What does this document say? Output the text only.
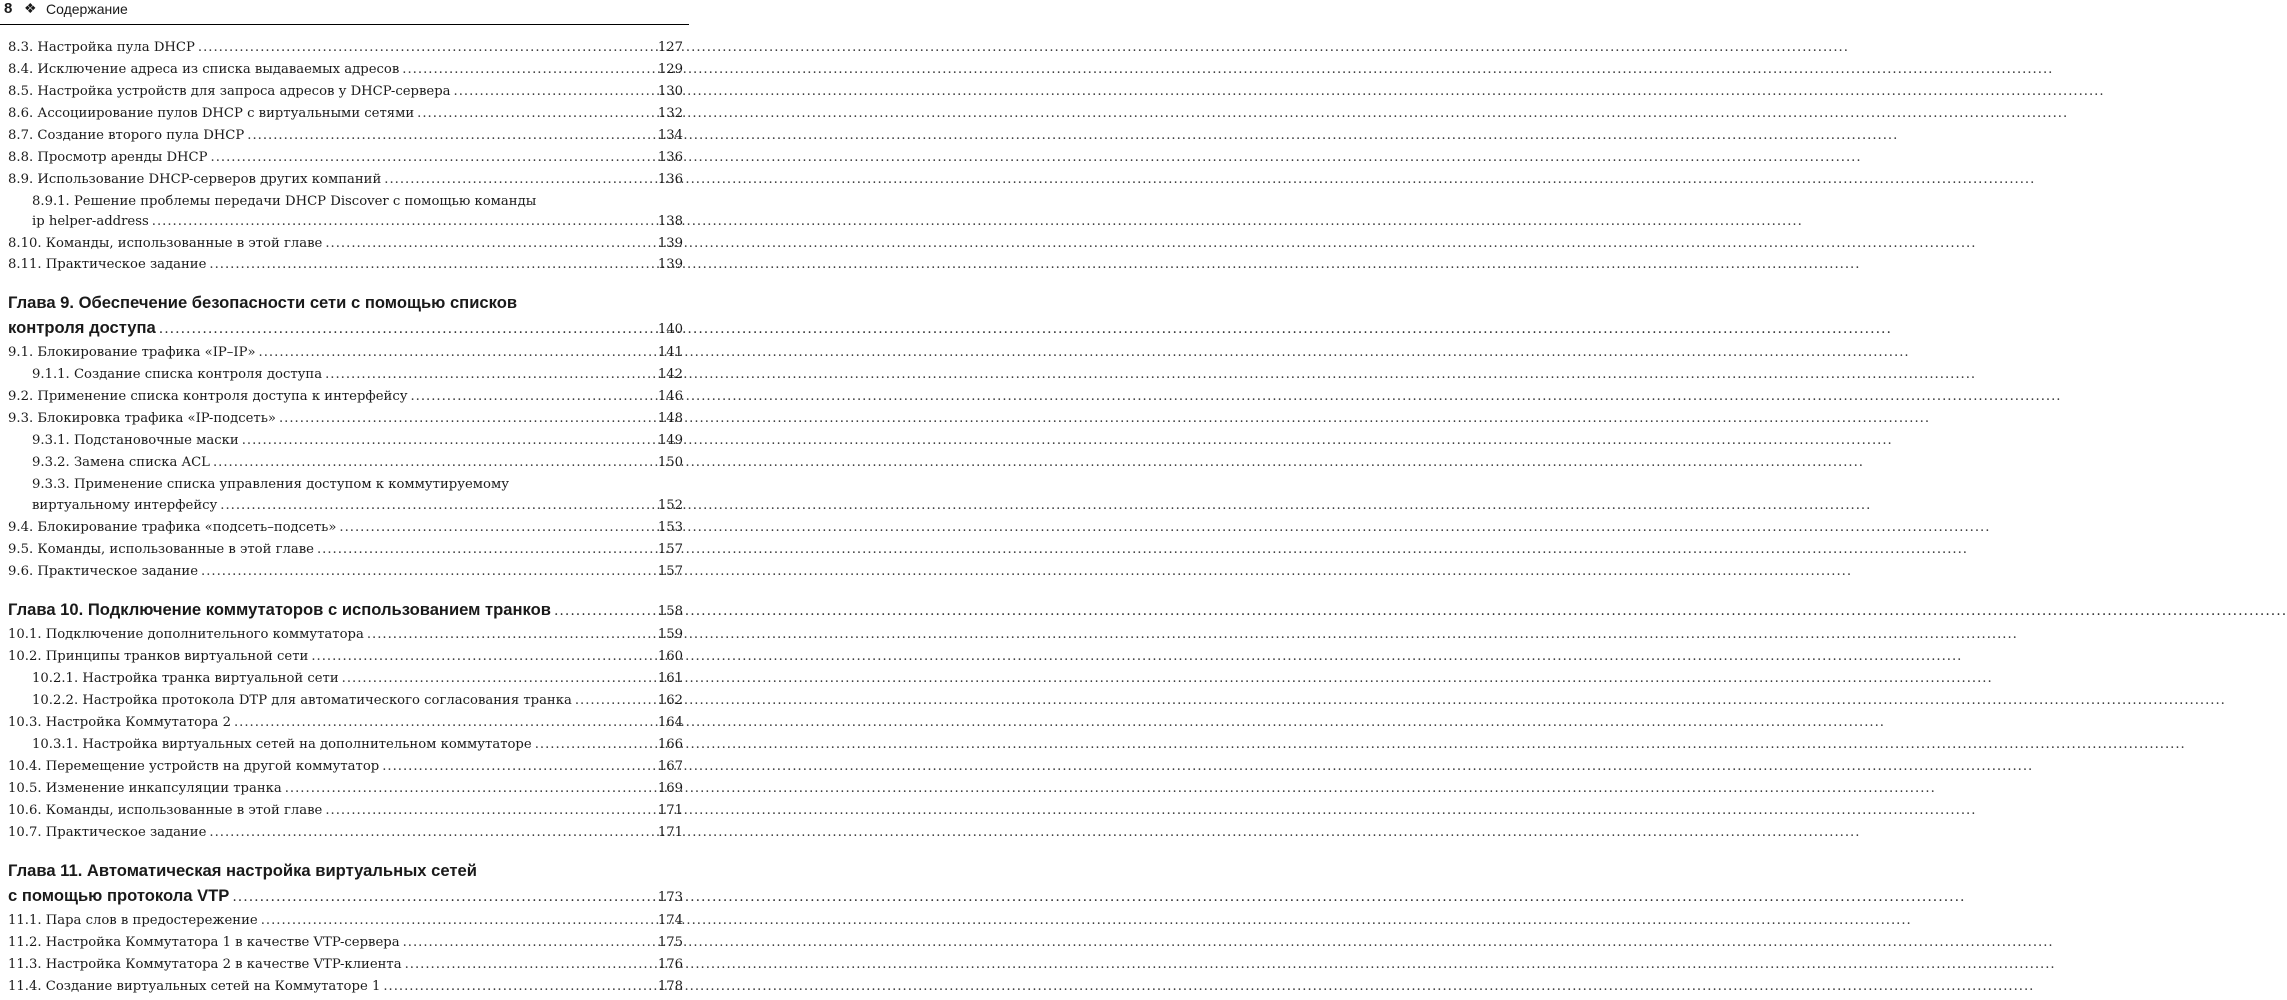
8 ❖ Содержание
8.3. Настройка пула DHCP .....	127
8.4. Исключение адреса из списка выдаваемых адресов .....	129
8.5. Настройка устройств для запроса адресов у DHCP-сервера .....	130
8.6. Ассоциирование пулов DHCP с виртуальными сетями .....	132
8.7. Создание второго пула DHCP .....	134
8.8. Просмотр аренды DHCP .....	136
8.9. Использование DHCP-серверов других компаний .....	136
8.9.1. Решение проблемы передачи DHCP Discover с помощью команды
ip helper-address .....	138
8.10. Команды, использованные в этой главе .....	139
8.11. Практическое задание .....	139
Глава 9. Обеспечение безопасности сети с помощью списков
контроля доступа .....	140
9.1. Блокирование трафика «IP–IP» .....	141
9.1.1. Создание списка контроля доступа .....	142
9.2. Применение списка контроля доступа к интерфейсу .....	146
9.3. Блокировка трафика «IP-подсеть» .....	148
9.3.1. Подстановочные маски .....	149
9.3.2. Замена списка ACL .....	150
9.3.3. Применение списка управления доступом к коммутируемому
виртуальному интерфейсу .....	152
9.4. Блокирование трафика «подсеть–подсеть» .....	153
9.5. Команды, использованные в этой главе .....	157
9.6. Практическое задание .....	157
Глава 10. Подключение коммутаторов с использованием транков .....	158
10.1. Подключение дополнительного коммутатора .....	159
10.2. Принципы транков виртуальной сети .....	160
10.2.1. Настройка транка виртуальной сети .....	161
10.2.2. Настройка протокола DTP для автоматического согласования транка .....	162
10.3. Настройка Коммутатора 2 .....	164
10.3.1. Настройка виртуальных сетей на дополнительном коммутаторе .....	166
10.4. Перемещение устройств на другой коммутатор .....	167
10.5. Изменение инкапсуляции транка .....	169
10.6. Команды, использованные в этой главе .....	171
10.7. Практическое задание .....	171
Глава 11. Автоматическая настройка виртуальных сетей
с помощью протокола VTP .....	173
11.1. Пара слов в предостережение .....	174
11.2. Настройка Коммутатора 1 в качестве VTP-сервера .....	175
11.3. Настройка Коммутатора 2 в качестве VTP-клиента .....	176
11.4. Создание виртуальных сетей на Коммутаторе 1 .....	178
